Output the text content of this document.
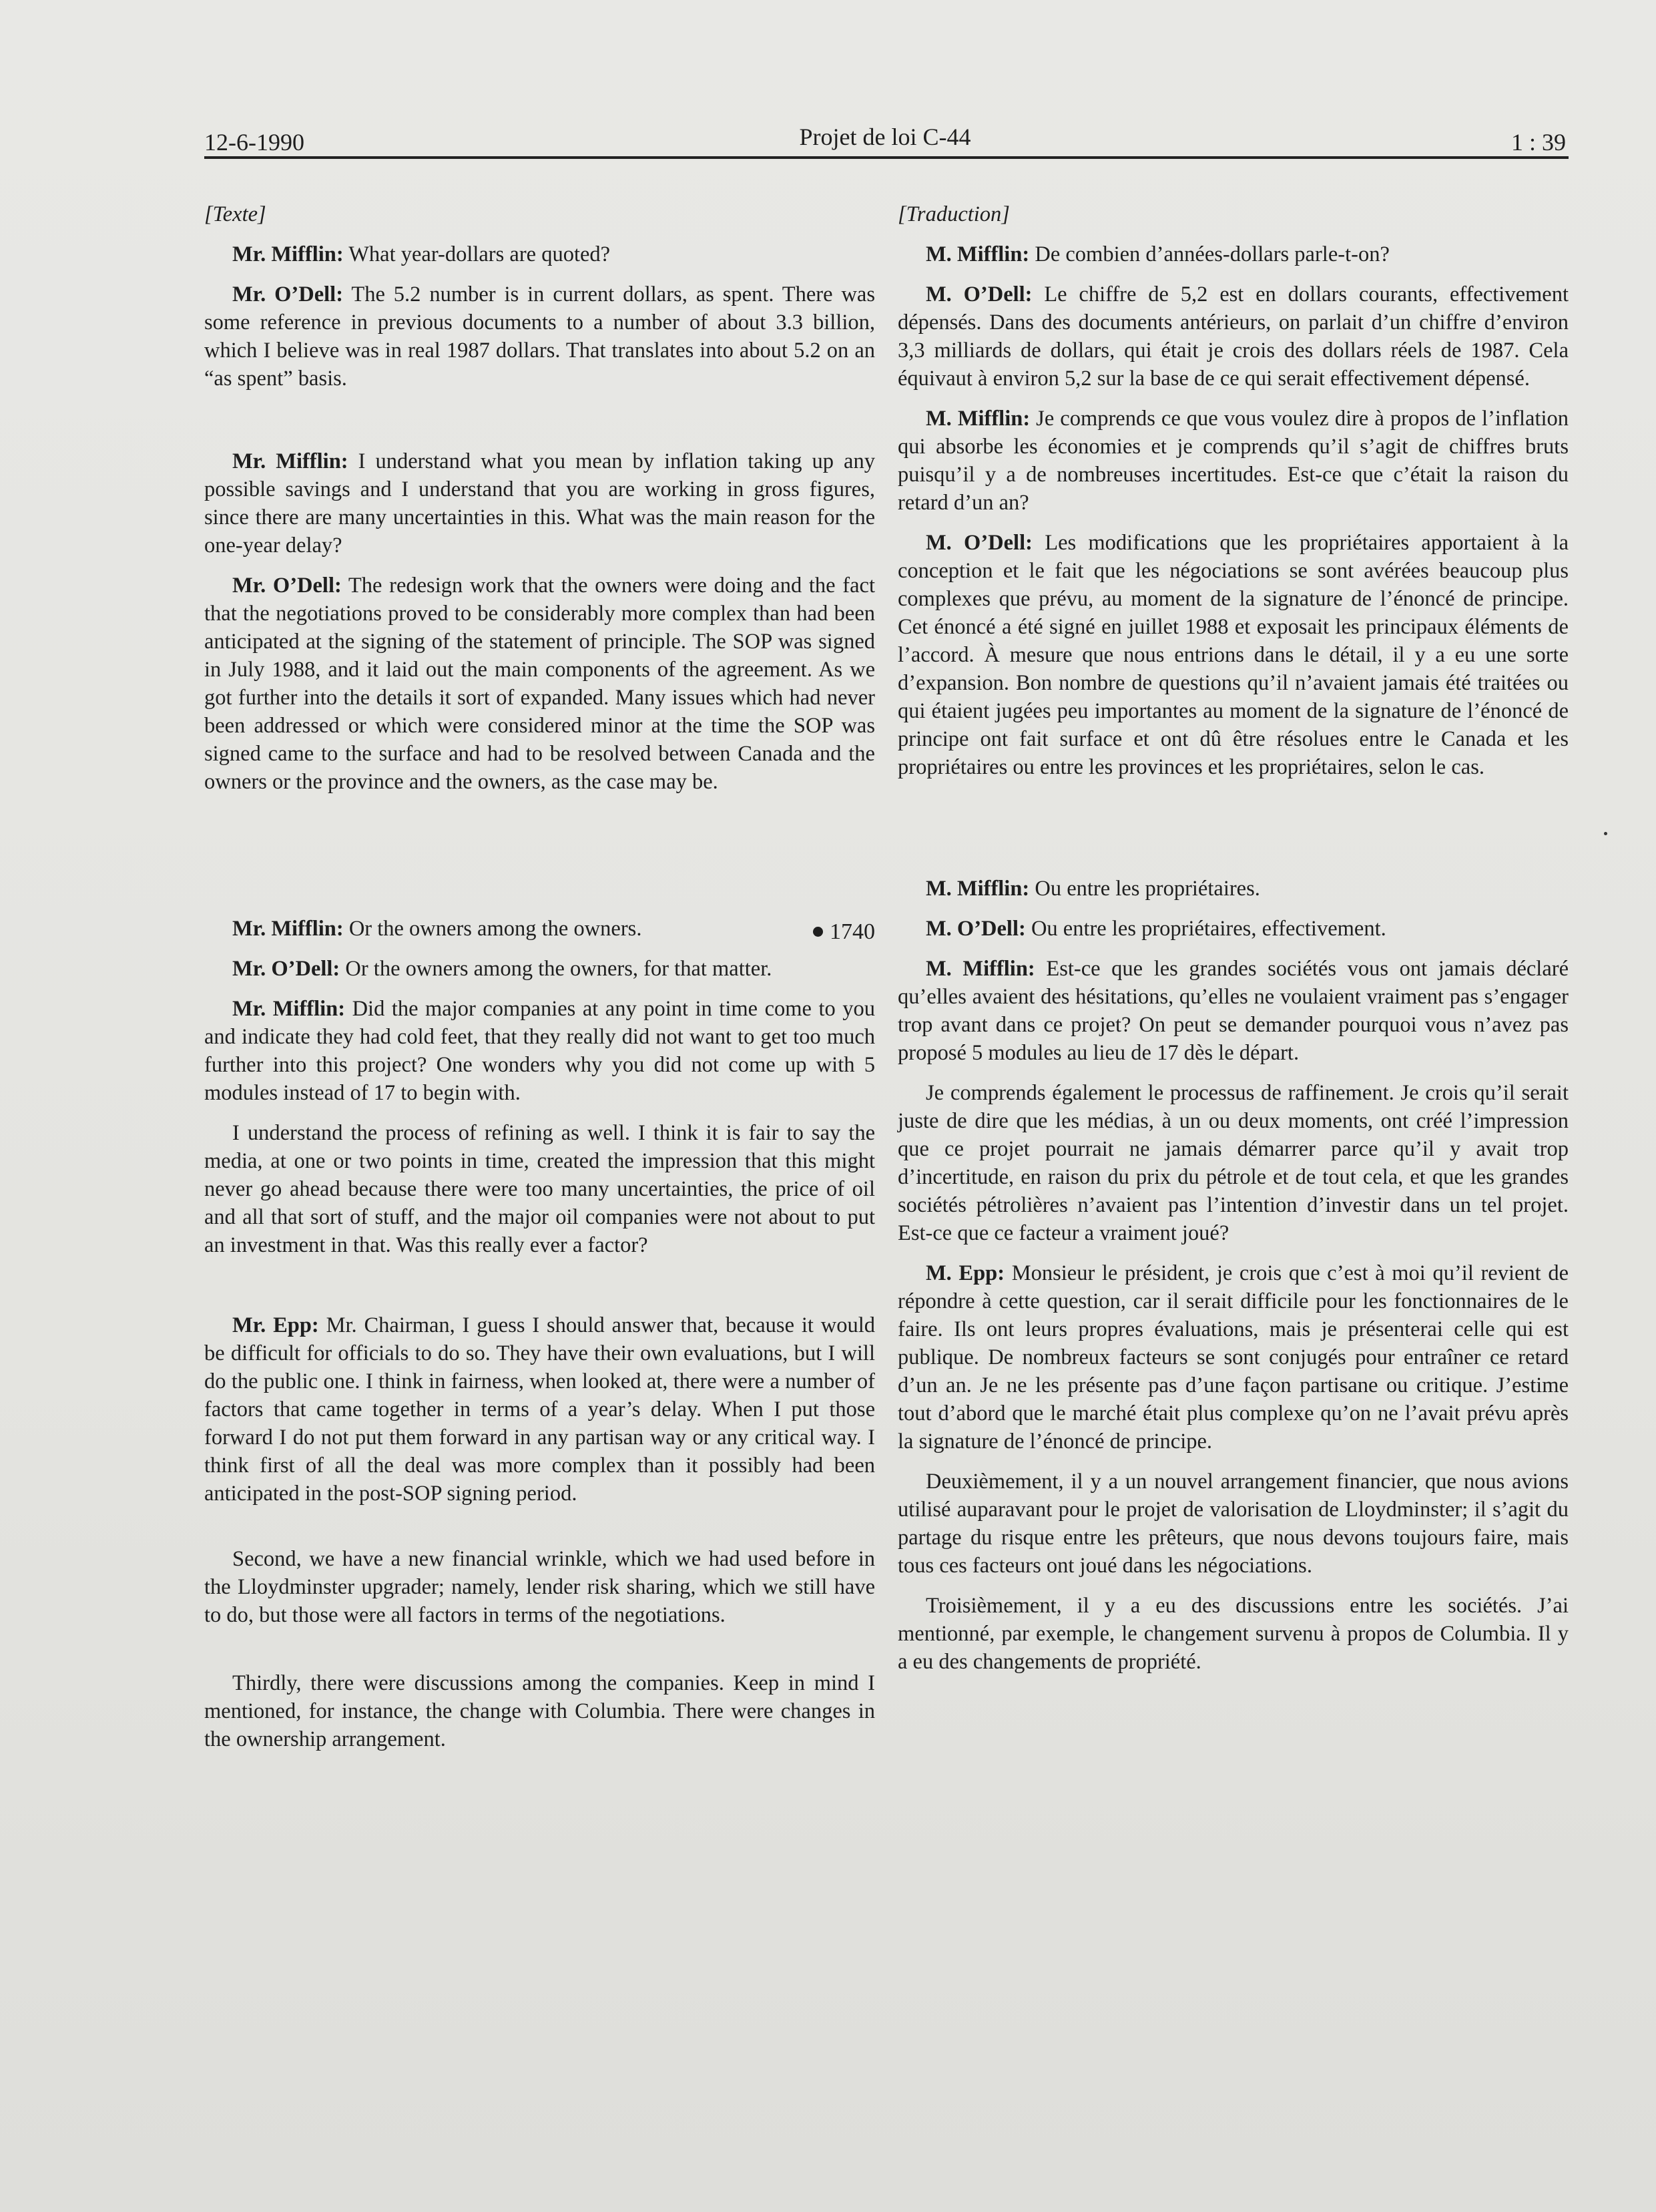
12-6-1990	Projet de loi C-44	1 : 39

[Texte]

Mr. Mifflin: What year-dollars are quoted?

Mr. O’Dell: The 5.2 number is in current dollars, as spent. There was some reference in previous documents to a number of about 3.3 billion, which I believe was in real 1987 dollars. That translates into about 5.2 on an “as spent” basis.

Mr. Mifflin: I understand what you mean by inflation taking up any possible savings and I understand that you are working in gross figures, since there are many uncertainties in this. What was the main reason for the one-year delay?

Mr. O’Dell: The redesign work that the owners were doing and the fact that the negotiations proved to be considerably more complex than had been anticipated at the signing of the statement of principle. The SOP was signed in July 1988, and it laid out the main components of the agreement. As we got further into the details it sort of expanded. Many issues which had never been addressed or which were considered minor at the time the SOP was signed came to the surface and had to be resolved between Canada and the owners or the province and the owners, as the case may be.

Mr. Mifflin: Or the owners among the owners.

Mr. O’Dell: Or the owners among the owners, for that matter.

Mr. Mifflin: Did the major companies at any point in time come to you and indicate they had cold feet, that they really did not want to get too much further into this project? One wonders why you did not come up with 5 modules instead of 17 to begin with.

I understand the process of refining as well. I think it is fair to say the media, at one or two points in time, created the impression that this might never go ahead because there were too many uncertainties, the price of oil and all that sort of stuff, and the major oil companies were not about to put an investment in that. Was this really ever a factor?

Mr. Epp: Mr. Chairman, I guess I should answer that, because it would be difficult for officials to do so. They have their own evaluations, but I will do the public one. I think in fairness, when looked at, there were a number of factors that came together in terms of a year’s delay. When I put those forward I do not put them forward in any partisan way or any critical way. I think first of all the deal was more complex than it possibly had been anticipated in the post-SOP signing period.

Second, we have a new financial wrinkle, which we had used before in the Lloydminster upgrader; namely, lender risk sharing, which we still have to do, but those were all factors in terms of the negotiations.

Thirdly, there were discussions among the companies. Keep in mind I mentioned, for instance, the change with Columbia. There were changes in the ownership arrangement.

[Traduction]

M. Mifflin: De combien d’années-dollars parle-t-on?

M. O’Dell: Le chiffre de 5,2 est en dollars courants, effectivement dépensés. Dans des documents antérieurs, on parlait d’un chiffre d’environ 3,3 milliards de dollars, qui était je crois des dollars réels de 1987. Cela équivaut à environ 5,2 sur la base de ce qui serait effectivement dépensé.

M. Mifflin: Je comprends ce que vous voulez dire à propos de l’inflation qui absorbe les économies et je comprends qu’il s’agit de chiffres bruts puisqu’il y a de nombreuses incertitudes. Est-ce que c’était la raison du retard d’un an?

M. O’Dell: Les modifications que les propriétaires apportaient à la conception et le fait que les négociations se sont avérées beaucoup plus complexes que prévu, au moment de la signature de l’énoncé de principe. Cet énoncé a été signé en juillet 1988 et exposait les principaux éléments de l’accord. À mesure que nous entrions dans le détail, il y a eu une sorte d’expansion. Bon nombre de questions qu’il n’avaient jamais été traitées ou qui étaient jugées peu importantes au moment de la signature de l’énoncé de principe ont fait surface et ont dû être résolues entre le Canada et les propriétaires ou entre les provinces et les propriétaires, selon le cas.

M. Mifflin: Ou entre les propriétaires.

M. O’Dell: Ou entre les propriétaires, effectivement.

M. Mifflin: Est-ce que les grandes sociétés vous ont jamais déclaré qu’elles avaient des hésitations, qu’elles ne voulaient vraiment pas s’engager trop avant dans ce projet? On peut se demander pourquoi vous n’avez pas proposé 5 modules au lieu de 17 dès le départ.

Je comprends également le processus de raffinement. Je crois qu’il serait juste de dire que les médias, à un ou deux moments, ont créé l’impression que ce projet pourrait ne jamais démarrer parce qu’il y avait trop d’incertitude, en raison du prix du pétrole et de tout cela, et que les grandes sociétés pétrolières n’avaient pas l’intention d’investir dans un tel projet. Est-ce que ce facteur a vraiment joué?

M. Epp: Monsieur le président, je crois que c’est à moi qu’il revient de répondre à cette question, car il serait difficile pour les fonctionnaires de le faire. Ils ont leurs propres évaluations, mais je présenterai celle qui est publique. De nombreux facteurs se sont conjugés pour entraîner ce retard d’un an. Je ne les présente pas d’une façon partisane ou critique. J’estime tout d’abord que le marché était plus complexe qu’on ne l’avait prévu après la signature de l’énoncé de principe.

Deuxièmement, il y a un nouvel arrangement financier, que nous avions utilisé auparavant pour le projet de valorisation de Lloydminster; il s’agit du partage du risque entre les prêteurs, que nous devons toujours faire, mais tous ces facteurs ont joué dans les négociations.

Troisièmement, il y a eu des discussions entre les sociétés. J’ai mentionné, par exemple, le changement survenu à propos de Columbia. Il y a eu des changements de propriété.

1740
